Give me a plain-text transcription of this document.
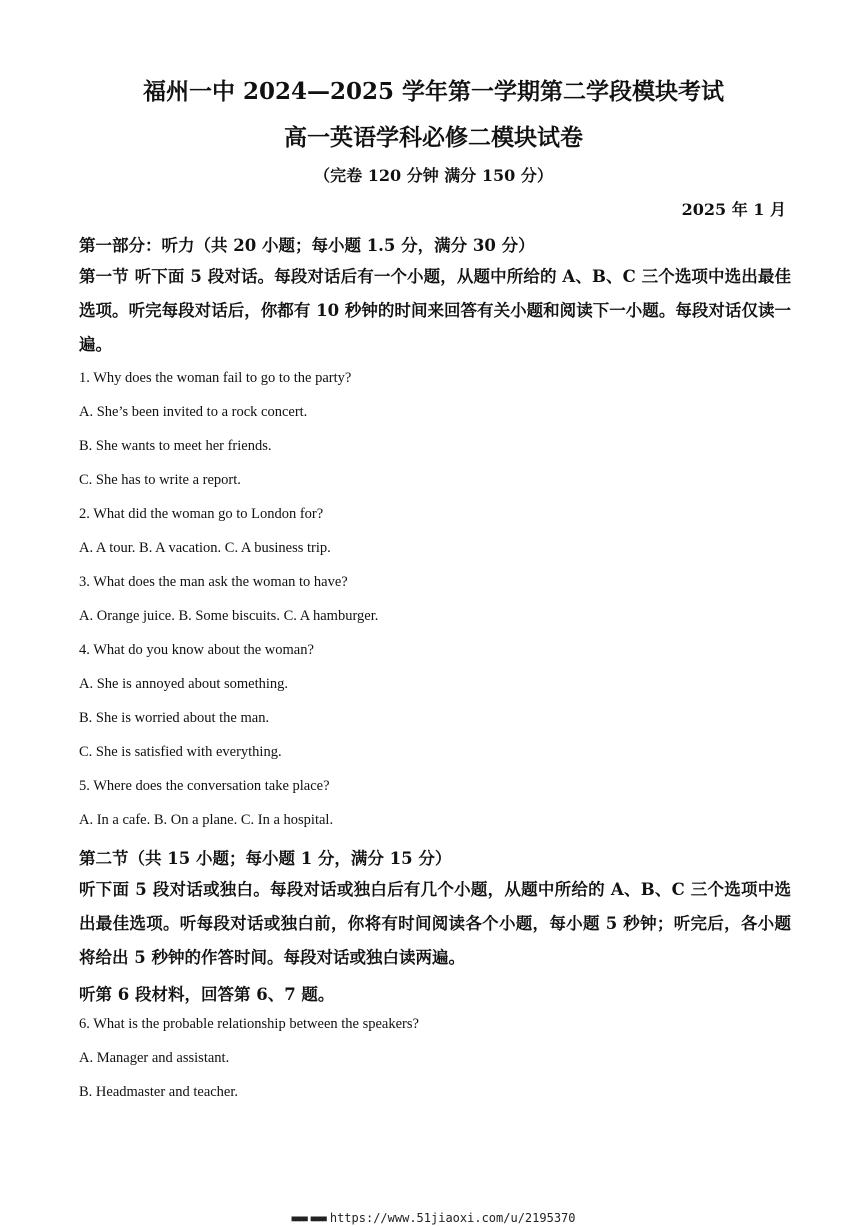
福州一中 2024—2025 学年第一学期第二学段模块考试
高一英语学科必修二模块试卷
（完卷 120 分钟 满分 150 分）
2025 年 1 月
第一部分：听力（共 20 小题；每小题 1.5 分，满分 30 分）
第一节 听下面 5 段对话。每段对话后有一个小题，从题中所给的 A、B、C 三个选项中选出最佳选项。听完每段对话后，你都有 10 秒钟的时间来回答有关小题和阅读下一小题。每段对话仅读一遍。
1. Why does the woman fail to go to the party?
A. She’s been invited to a rock concert.
B. She wants to meet her friends.
C. She has to write a report.
2. What did the woman go to London for?
A. A tour. B. A vacation. C. A business trip.
3. What does the man ask the woman to have?
A. Orange juice. B. Some biscuits. C. A hamburger.
4. What do you know about the woman?
A. She is annoyed about something.
B. She is worried about the man.
C. She is satisfied with everything.
5. Where does the conversation take place?
A. In a cafe. B. On a plane. C. In a hospital.
第二节（共 15 小题；每小题 1 分，满分 15 分）
听下面 5 段对话或独白。每段对话或独白后有几个小题，从题中所给的 A、B、C 三个选项中选出最佳选项。听每段对话或独白前，你将有时间阅读各个小题，每小题 5 秒钟；听完后，各小题将给出 5 秒钟的作答时间。每段对话或独白读两遍。
听第 6 段材料，回答第 6、7 题。
6. What is the probable relationship between the speakers?
A. Manager and assistant.
B. Headmaster and teacher.
■■■■ ■■■■ https://www.51jiaoxi.com/u/2195370
